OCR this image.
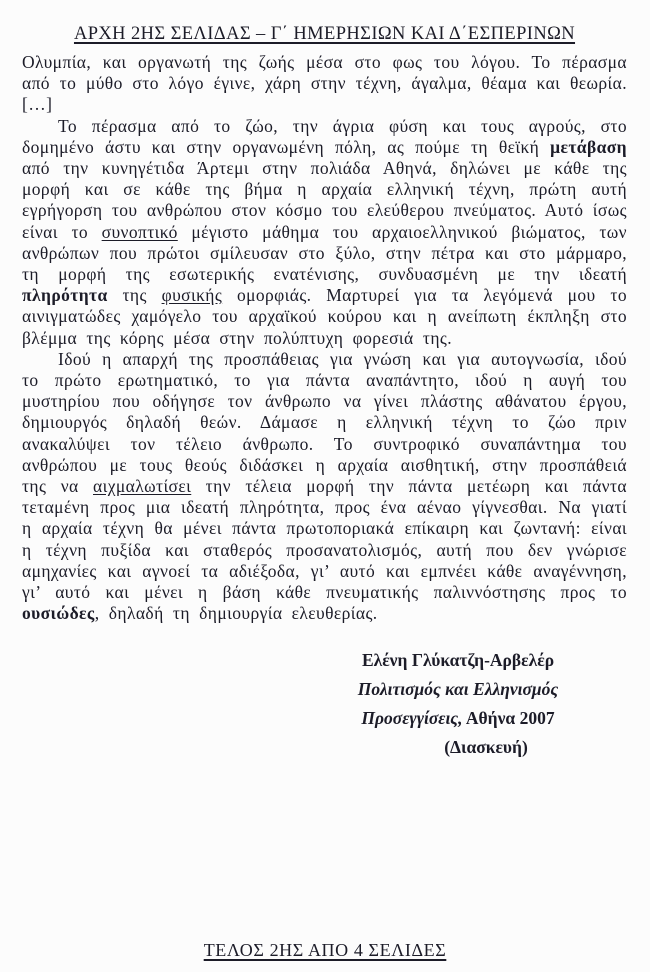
ΑΡΧΗ 2ΗΣ ΣΕΛΙΔΑΣ – Γ΄ ΗΜΕΡΗΣΙΩΝ ΚΑΙ Δ΄ΕΣΠΕΡΙΝΩΝ

Ολυμπία, και οργανωτή της ζωής μέσα στο φως του λόγου. Το πέρασμα από το μύθο στο λόγο έγινε, χάρη στην τέχνη, άγαλμα, θέαμα και θεωρία. […]

Το πέρασμα από το ζώο, την άγρια φύση και τους αγρούς, στο δομημένο άστυ και στην οργανωμένη πόλη, ας πούμε τη θεϊκή μετάβαση από την κυνηγέτιδα Άρτεμι στην πολιάδα Αθηνά, δηλώνει με κάθε της μορφή και σε κάθε της βήμα η αρχαία ελληνική τέχνη, πρώτη αυτή εγρήγορση του ανθρώπου στον κόσμο του ελεύθερου πνεύματος. Αυτό ίσως είναι το συνοπτικό μέγιστο μάθημα του αρχαιοελληνικού βιώματος, των ανθρώπων που πρώτοι σμίλευσαν στο ξύλο, στην πέτρα και στο μάρμαρο, τη μορφή της εσωτερικής ενατένισης, συνδυασμένη με την ιδεατή πληρότητα της φυσικής ομορφιάς. Μαρτυρεί για τα λεγόμενά μου το αινιγματώδες χαμόγελο του αρχαϊκού κούρου και η ανείπωτη έκπληξη στο βλέμμα της κόρης μέσα στην πολύπτυχη φορεσιά της.

Ιδού η απαρχή της προσπάθειας για γνώση και για αυτογνωσία, ιδού το πρώτο ερωτηματικό, το για πάντα αναπάντητο, ιδού η αυγή του μυστηρίου που οδήγησε τον άνθρωπο να γίνει πλάστης αθάνατου έργου, δημιουργός δηλαδή θεών. Δάμασε η ελληνική τέχνη το ζώο πριν ανακαλύψει τον τέλειο άνθρωπο. Το συντροφικό συναπάντημα του ανθρώπου με τους θεούς διδάσκει η αρχαία αισθητική, στην προσπάθειά της να αιχμαλωτίσει την τέλεια μορφή την πάντα μετέωρη και πάντα τεταμένη προς μια ιδεατή πληρότητα, προς ένα αέναο γίγνεσθαι. Να γιατί η αρχαία τέχνη θα μένει πάντα πρωτοποριακά επίκαιρη και ζωντανή: είναι η τέχνη πυξίδα και σταθερός προσανατολισμός, αυτή που δεν γνώρισε αμηχανίες και αγνοεί τα αδιέξοδα, γι’ αυτό και εμπνέει κάθε αναγέννηση, γι’ αυτό και μένει η βάση κάθε πνευματικής παλιννόστησης προς το ουσιώδες, δηλαδή τη δημιουργία ελευθερίας.

Ελένη Γλύκατζη-Αρβελέρ
Πολιτισμός και Ελληνισμός
Προσεγγίσεις, Αθήνα 2007
(Διασκευή)
ΤΕΛΟΣ 2ΗΣ ΑΠΟ 4 ΣΕΛΙΔΕΣ
